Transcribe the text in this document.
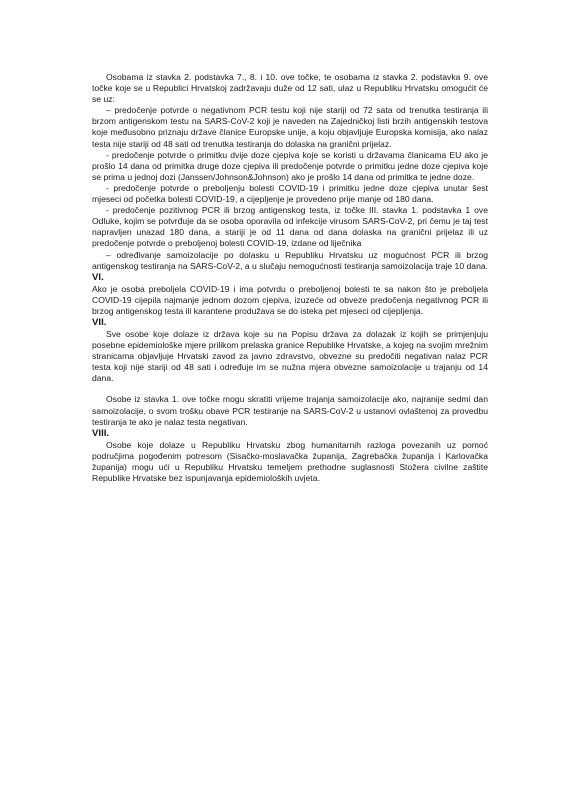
Osobama iz stavka 2. podstavka 7., 8. i 10. ove točke, te osobama iz stavka 2. podstavka 9. ove točke koje se u Republici Hrvatskoj zadržavaju duže od 12 sati, ulaz u Republiku Hrvatsku omogućit će se uz:

– predočenje potvrde o negativnom PCR testu koji nije stariji od 72 sata od trenutka testiranja ili brzom antigenskom testu na SARS-CoV-2 koji je naveden na Zajedničkoj listi brzih antigenskih testova koje međusobno priznaju države članice Europske unije, a koju objavljuje Europska komisija, ako nalaz testa nije stariji od 48 sati od trenutka testiranja do dolaska na granični prijelaz.

- predočenje potvrde o primitku dvije doze cjepiva koje se koristi u državama članicama EU ako je prošlo 14 dana od primitka druge doze cjepiva ili predočenje potvrde o primitku jedne doze cjepiva koje se prima u jednoj dozi (Janssen/Johnson&Johnson) ako je prošlo 14 dana od primitka te jedne doze.

- predočenje potvrde o preboljenju bolesti COVID-19 i primitku jedne doze cjepiva unutar šest mjeseci od početka bolesti COVID-19, a cijepljenje je provedeno prije manje od 180 dana.

- predočenje pozitivnog PCR ili brzog antigenskog testa, iz točke III. stavka 1. podstavka 1 ove Odluke, kojim se potvrđuje da se osoba oporavila od infekcije virusom SARS-CoV-2, pri čemu je taj test napravljen unazad 180 dana, a stariji je od 11 dana od dana dolaska na granični prijelaz ili uz predočenje potvrde o preboljenoj bolesti COVID-19, izdane od liječnika

– određivanje samoizolacije po dolasku u Republiku Hrvatsku uz mogućnost PCR ili brzog antigenskog testiranja na SARS-CoV-2, a u slučaju nemogućnosti testiranja samoizolacija traje 10 dana.

VI.

Ako je osoba preboljela COVID-19 i ima potvrdu o preboljenoj bolesti te sa nakon što je preboljela COVID-19 cijepila najmanje jednom dozom cjepiva, izuzeće od obveze predočenja negativnog PCR ili brzog antigenskog testa ili karantene produžava se do isteka pet mjeseci od cijepljenja.

VII.

Sve osobe koje dolaze iz država koje su na Popisu država za dolazak iz kojih se primjenjuju posebne epidemiološke mjere prilikom prelaska granice Republike Hrvatske, a kojeg na svojim mrežnim stranicama objavljuje Hrvatski zavod za javno zdravstvo, obvezne su predočiti negativan nalaz PCR testa koji nije stariji od 48 sati i određuje im se nužna mjera obvezne samoizolacije u trajanju od 14 dana.

Osobe iz stavka 1. ove točke mogu skratiti vrijeme trajanja samoizolacije ako, najranije sedmi dan samoizolacije, o svom trošku obave PCR testiranje na SARS-CoV-2 u ustanovi ovlaštenoj za provedbu testiranja te ako je nalaz testa negativan.

VIII.

Osobe koje dolaze u Republiku Hrvatsku zbog humanitarnih razloga povezanih uz pomoć područjima pogođenim potresom (Sisačko-moslavačka županija, Zagrebačka županija i Karlovačka županija) mogu ući u Republiku Hrvatsku temeljem prethodne suglasnosti Stožera civilne zaštite Republike Hrvatske bez ispunjavanja epidemioloških uvjeta.
